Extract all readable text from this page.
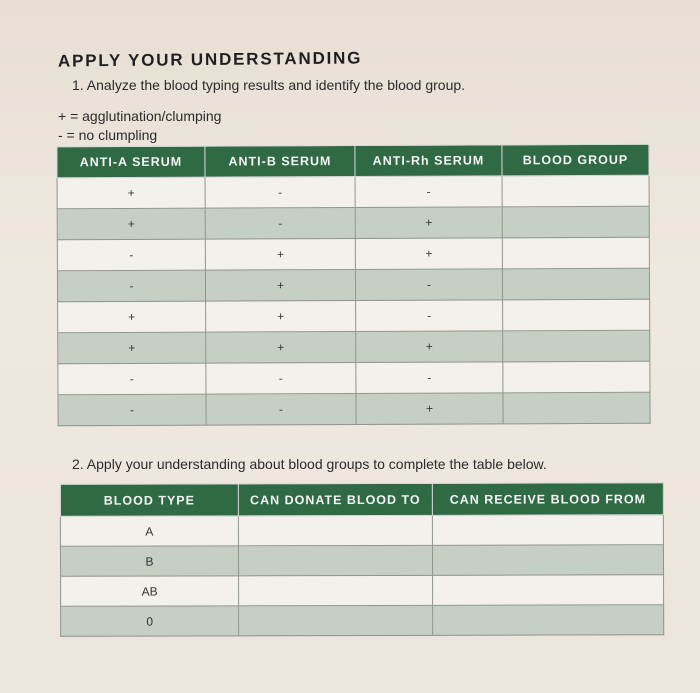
APPLY YOUR UNDERSTANDING
1. Analyze the blood typing results and identify the blood group.
+ = agglutination/clumping
- = no clumpling
ANTI-A SERUM	ANTI-B SERUM	ANTI-Rh SERUM	BLOOD GROUP
+	-	-	
+	-	+	
-	+	+	
-	+	-	
+	+	-	
+	+	+	
-	-	-	
-	-	+	
2. Apply your understanding about blood groups to complete the table below.
BLOOD TYPE	CAN DONATE BLOOD TO	CAN RECEIVE BLOOD FROM
A		
B		
AB		
0		
